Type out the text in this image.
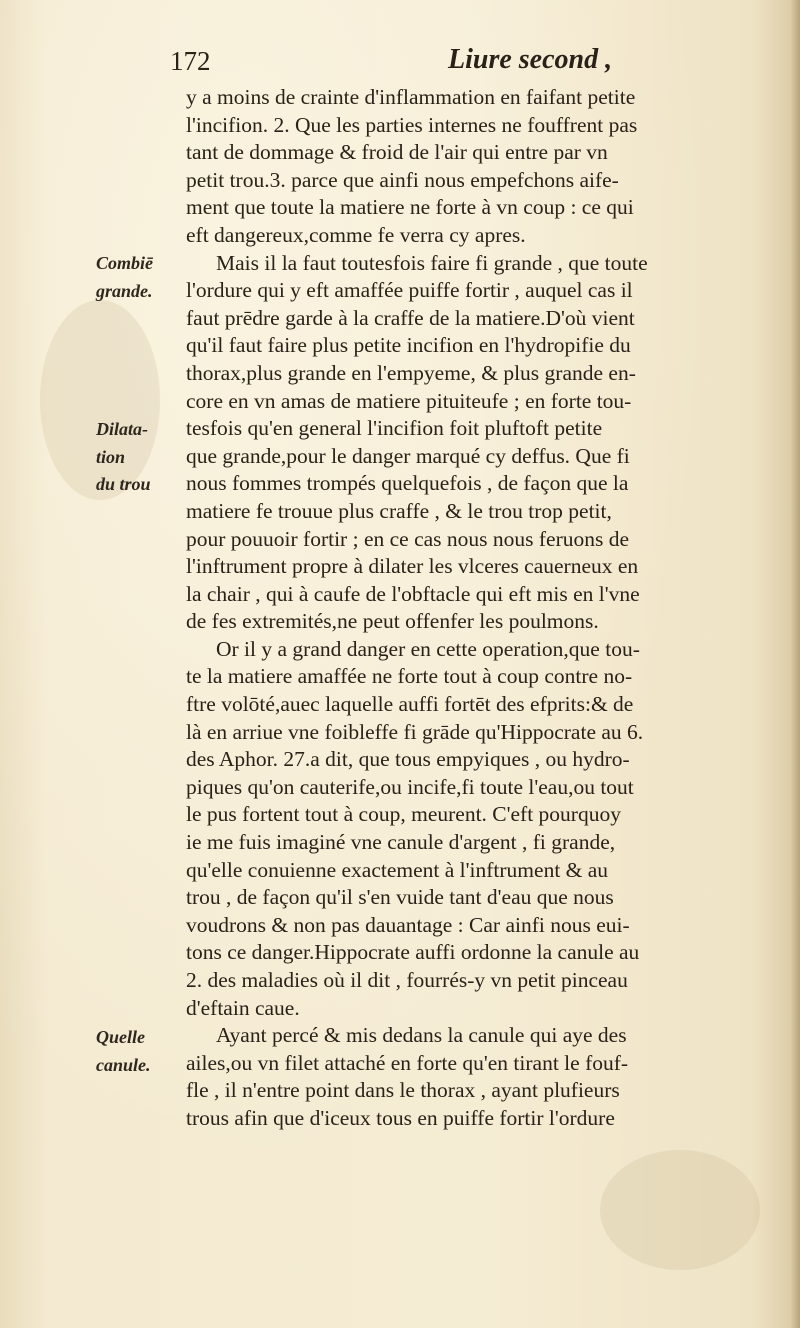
172	Liure second ,
Combiē
grande.
Dilata-
tion
du trou
Quelle
canule.
y a moins de crainte d'inflammation en faifant petite
l'incifion. 2. Que les parties internes ne fouffrent pas
tant de dommage & froid de l'air qui entre par vn
petit trou.3. parce que ainfi nous empefchons aife-
ment que toute la matiere ne forte à vn coup : ce qui
eft dangereux,comme fe verra cy apres.
Mais il la faut toutesfois faire fi grande , que toute
l'ordure qui y eft amaffée puiffe fortir , auquel cas il
faut prēdre garde à la craffe de la matiere.D'où vient
qu'il faut faire plus petite incifion en l'hydropifie du
thorax,plus grande en l'empyeme, & plus grande en-
core en vn amas de matiere pituiteufe ; en forte tou-
tesfois qu'en general l'incifion foit pluftoft petite
que grande,pour le danger marqué cy deffus. Que fi
nous fommes trompés quelquefois , de façon que la
matiere fe trouue plus craffe , & le trou trop petit,
pour pouuoir fortir ; en ce cas nous nous feruons de
l'inftrument propre à dilater les vlceres cauerneux en
la chair , qui à caufe de l'obftacle qui eft mis en l'vne
de fes extremités,ne peut offenfer les poulmons.
Or il y a grand danger en cette operation,que tou-
te la matiere amaffée ne forte tout à coup contre no-
ftre volōté,auec laquelle auffi fortēt des efprits:& de
là en arriue vne foibleffe fi grāde qu'Hippocrate au 6.
des Aphor. 27.a dit, que tous empyiques , ou hydro-
piques qu'on cauterife,ou incife,fi toute l'eau,ou tout
le pus fortent tout à coup, meurent. C'eft pourquoy
ie me fuis imaginé vne canule d'argent , fi grande,
qu'elle conuienne exactement à l'inftrument & au
trou , de façon qu'il s'en vuide tant d'eau que nous
voudrons & non pas dauantage : Car ainfi nous eui-
tons ce danger.Hippocrate auffi ordonne la canule au
2. des maladies où il dit , fourrés-y vn petit pinceau
d'eftain caue.
Ayant percé & mis dedans la canule qui aye des
ailes,ou vn filet attaché en forte qu'en tirant le fouf-
fle , il n'entre point dans le thorax , ayant plufieurs
trous afin que d'iceux tous en puiffe fortir l'ordure
